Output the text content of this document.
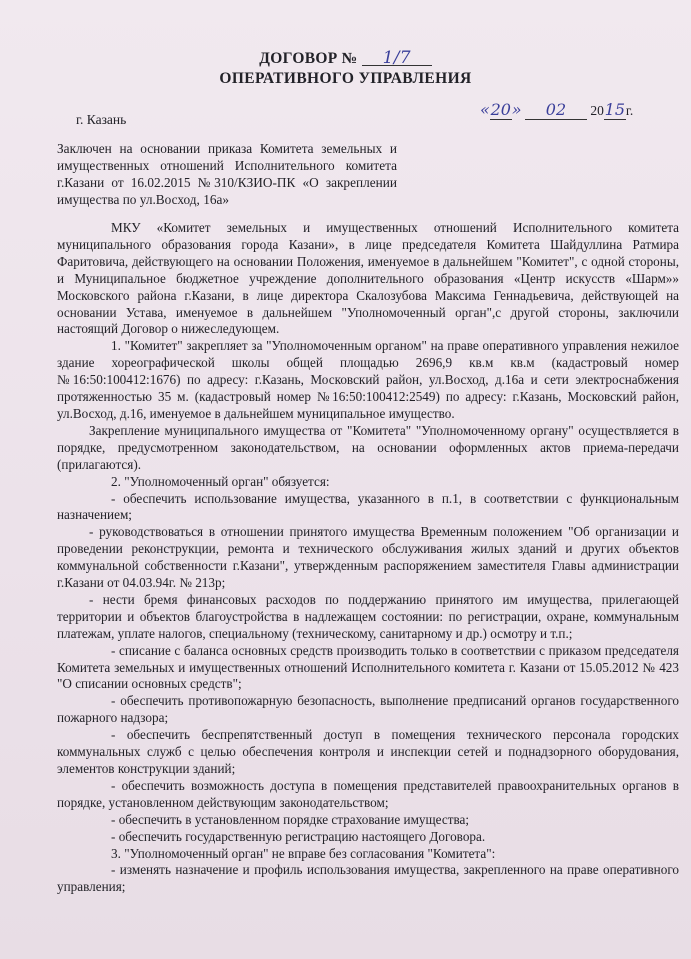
ДОГОВОР № 1/7
ОПЕРАТИВНОГО УПРАВЛЕНИЯ
г. Казань
«20» 02 2015г.
Заключен на основании приказа Комитета земельных и имущественных отношений Исполнительного комитета г.Казани от 16.02.2015 №310/КЗИО-ПК «О закреплении имущества по ул.Восход, 16а»

МКУ «Комитет земельных и имущественных отношений Исполнительного комитета муниципального образования города Казани», в лице председателя Комитета Шайдуллина Ратмира Фаритовича, действующего на основании Положения, именуемое в дальнейшем "Комитет", с одной стороны, и Муниципальное бюджетное учреждение дополнительного образования «Центр искусств «Шарм»» Московского района г.Казани, в лице директора Скалозубова Максима Геннадьевича, действующей на основании Устава, именуемое в дальнейшем "Уполномоченный орган",с другой стороны, заключили настоящий Договор о нижеследующем.

1. "Комитет" закрепляет за "Уполномоченным органом" на праве оперативного управления нежилое здание хореографической школы общей площадью 2696,9 кв.м кв.м (кадастровый номер №16:50:100412:1676) по адресу: г.Казань, Московский район, ул.Восход, д.16а и сети электроснабжения протяженностью 35 м. (кадастровый номер №16:50:100412:2549) по адресу: г.Казань, Московский район, ул.Восход, д.16, именуемое в дальнейшем муниципальное имущество.

Закрепление муниципального имущества от "Комитета" "Уполномоченному органу" осуществляется в порядке, предусмотренном законодательством, на основании оформленных актов приема-передачи (прилагаются).

2. "Уполномоченный орган" обязуется:

- обеспечить использование имущества, указанного в п.1, в соответствии с функциональным назначением;

- руководствоваться в отношении принятого имущества Временным положением "Об организации и проведении реконструкции, ремонта и технического обслуживания жилых зданий и других объектов коммунальной собственности г.Казани", утвержденным распоряжением заместителя Главы администрации г.Казани от 04.03.94г. № 213р;

- нести бремя финансовых расходов по поддержанию принятого им имущества, прилегающей территории и объектов благоустройства в надлежащем состоянии: по регистрации, охране, коммунальным платежам, уплате налогов, специальному (техническому, санитарному и др.) осмотру и т.п.;

- списание с баланса основных средств производить только в соответствии с приказом председателя Комитета земельных и имущественных отношений Исполнительного комитета г. Казани от 15.05.2012 № 423 "О списании основных средств";

- обеспечить противопожарную безопасность, выполнение предписаний органов государственного пожарного надзора;

- обеспечить беспрепятственный доступ в помещения технического персонала городских коммунальных служб с целью обеспечения контроля и инспекции сетей и поднадзорного оборудования, элементов конструкции зданий;

- обеспечить возможность доступа в помещения представителей правоохранительных органов в порядке, установленном действующим законодательством;

- обеспечить в установленном порядке страхование имущества;

- обеспечить государственную регистрацию настоящего Договора.

3. "Уполномоченный орган" не вправе без согласования "Комитета":

- изменять назначение и профиль использования имущества, закрепленного на праве оперативного управления;
